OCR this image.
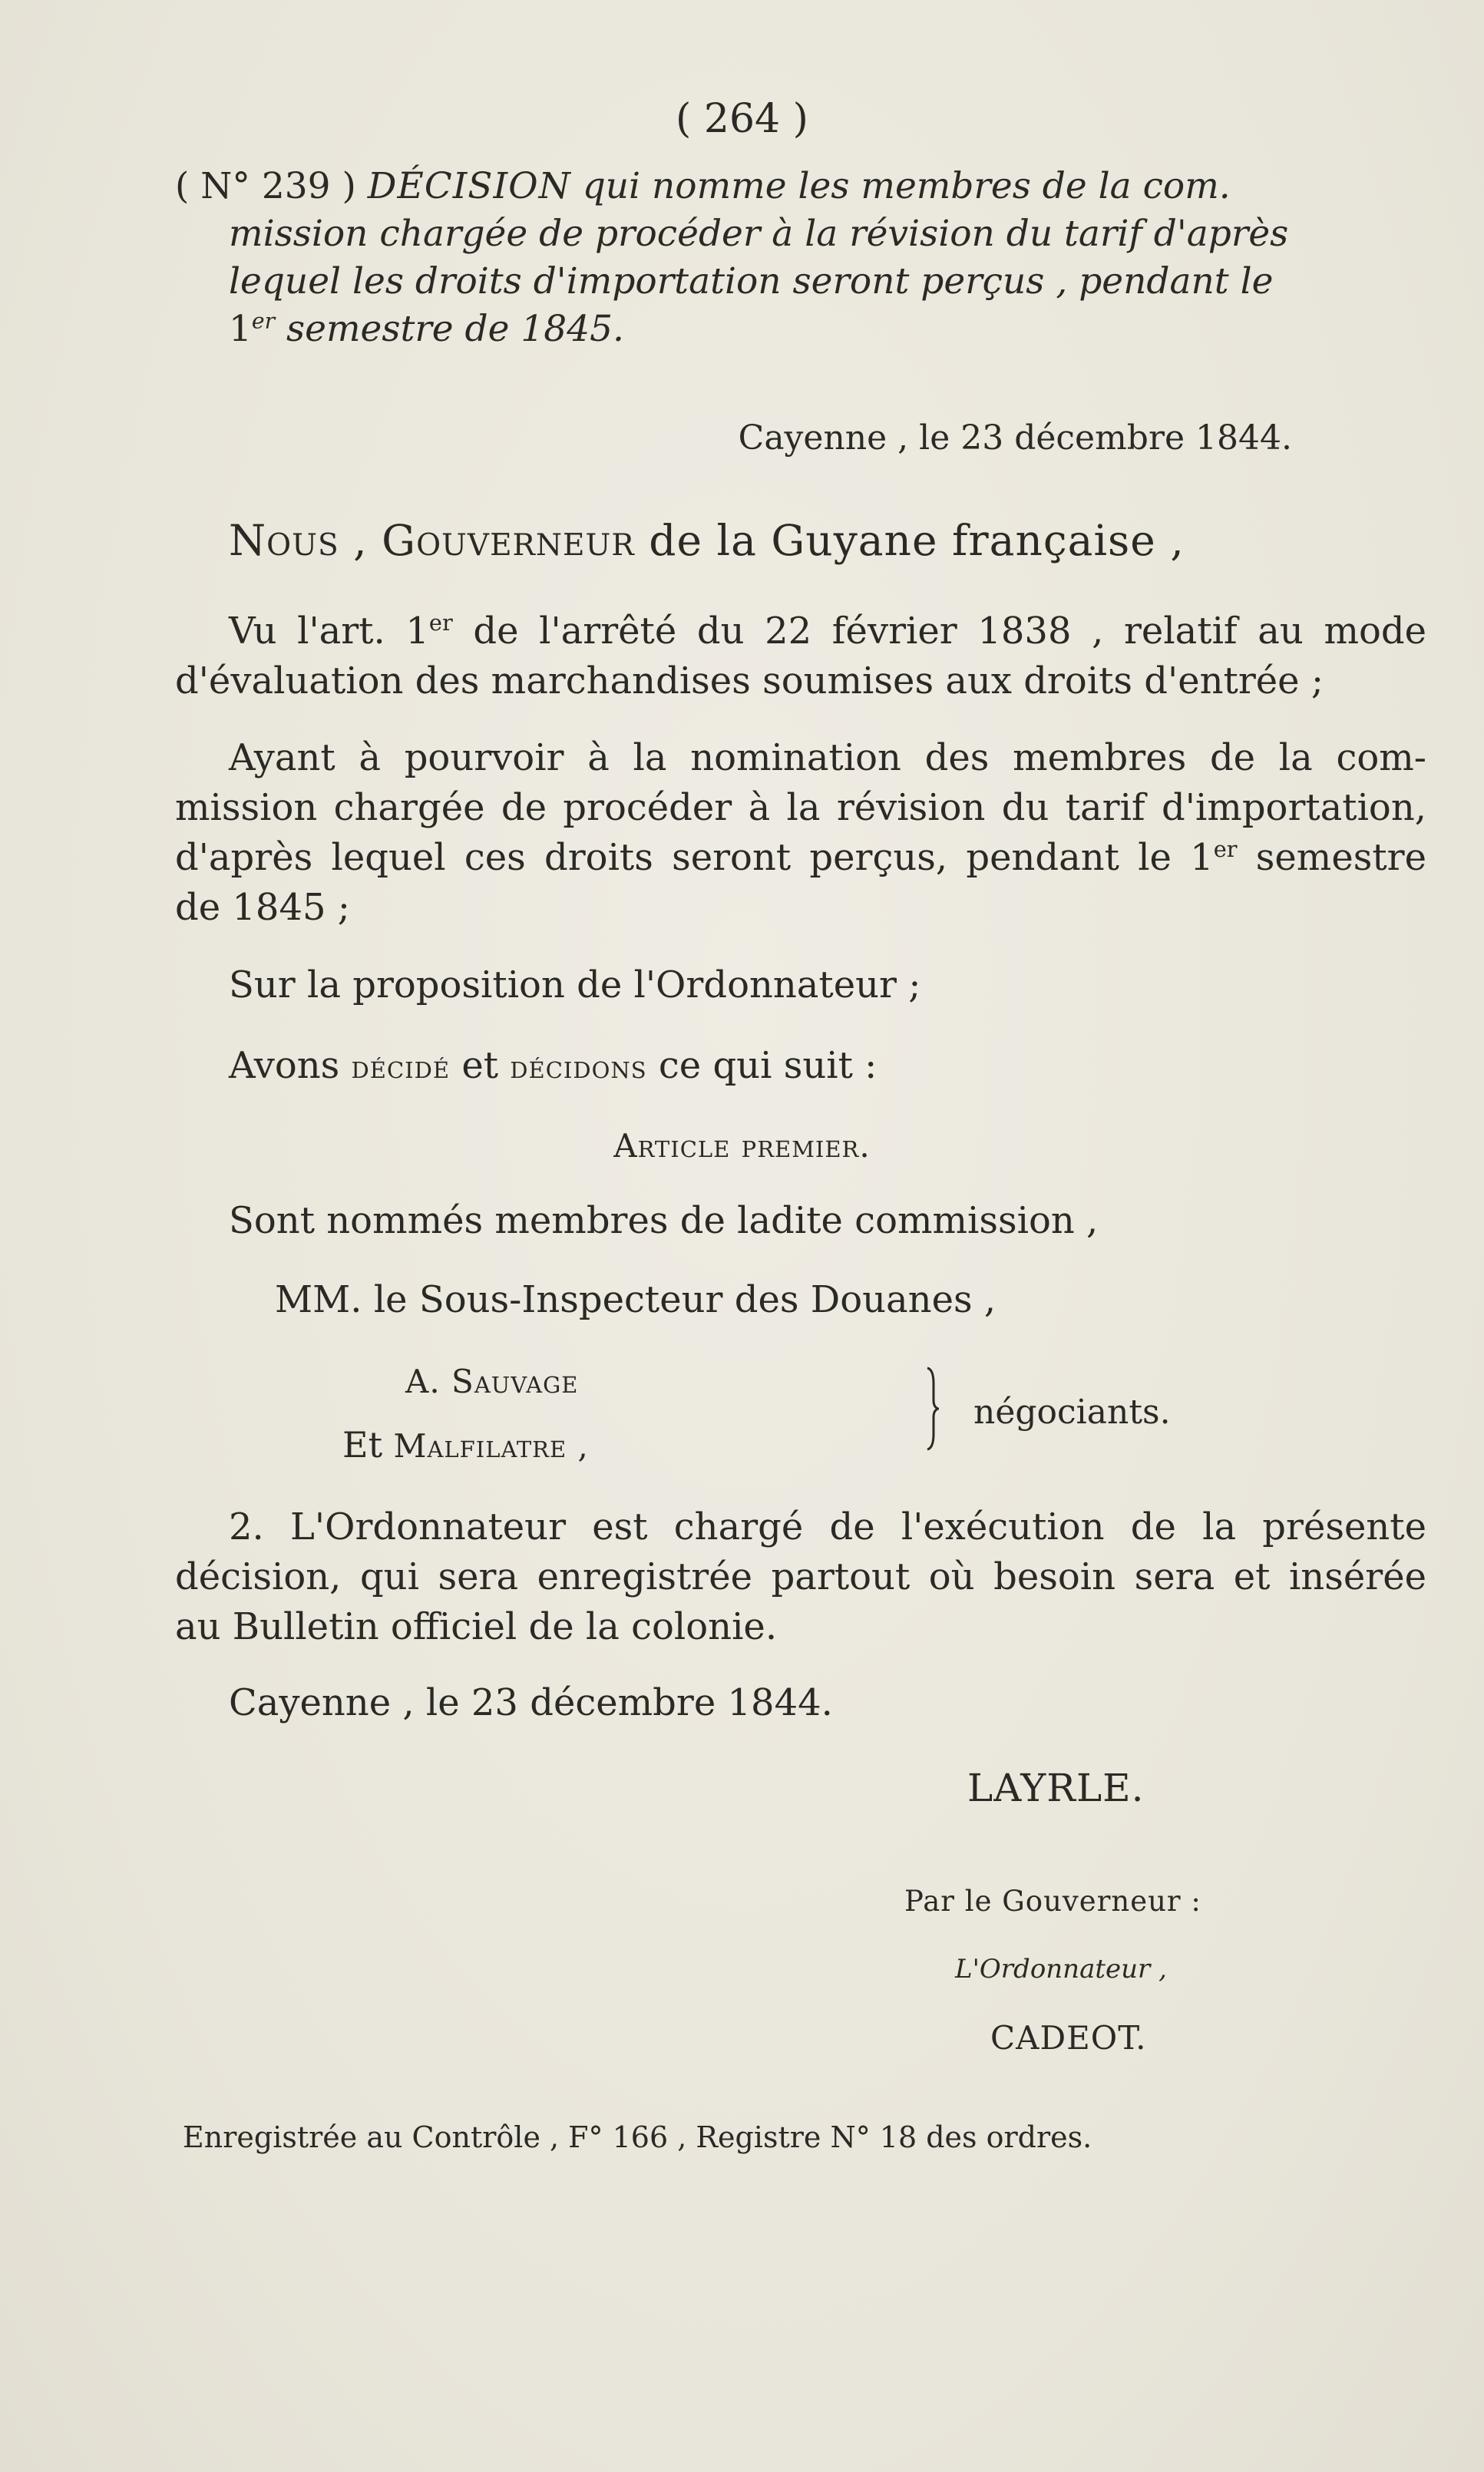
( 264 )
( N° 239 ) DÉCISION qui nomme les membres de la com.
mission chargée de procéder à la révision du tarif d'après
lequel les droits d'importation seront perçus , pendant le
1er semestre de 1845.
Cayenne , le 23 décembre 1844.
Nous , Gouverneur de la Guyane française ,
Vu l'art. 1er de l'arrêté du 22 février 1838 , relatif au mode
d'évaluation des marchandises soumises aux droits d'entrée ;
Ayant à pourvoir à la nomination des membres de la com-
mission chargée de procéder à la révision du tarif d'importation,
d'après lequel ces droits seront perçus, pendant le 1er semestre
de 1845 ;
Sur la proposition de l'Ordonnateur ;
Avons décidé et décidons ce qui suit :
Article premier.
Sont nommés membres de ladite commission ,
MM. le Sous-Inspecteur des Douanes ,
A. Sauvage
Et Malfilatre ,
négociants.
2. L'Ordonnateur est chargé de l'exécution de la présente
décision, qui sera enregistrée partout où besoin sera et insérée
au Bulletin officiel de la colonie.
Cayenne , le 23 décembre 1844.
LAYRLE.
Par le Gouverneur :
L'Ordonnateur ,
CADEOT.
Enregistrée au Contrôle , F° 166 , Registre N° 18 des ordres.
